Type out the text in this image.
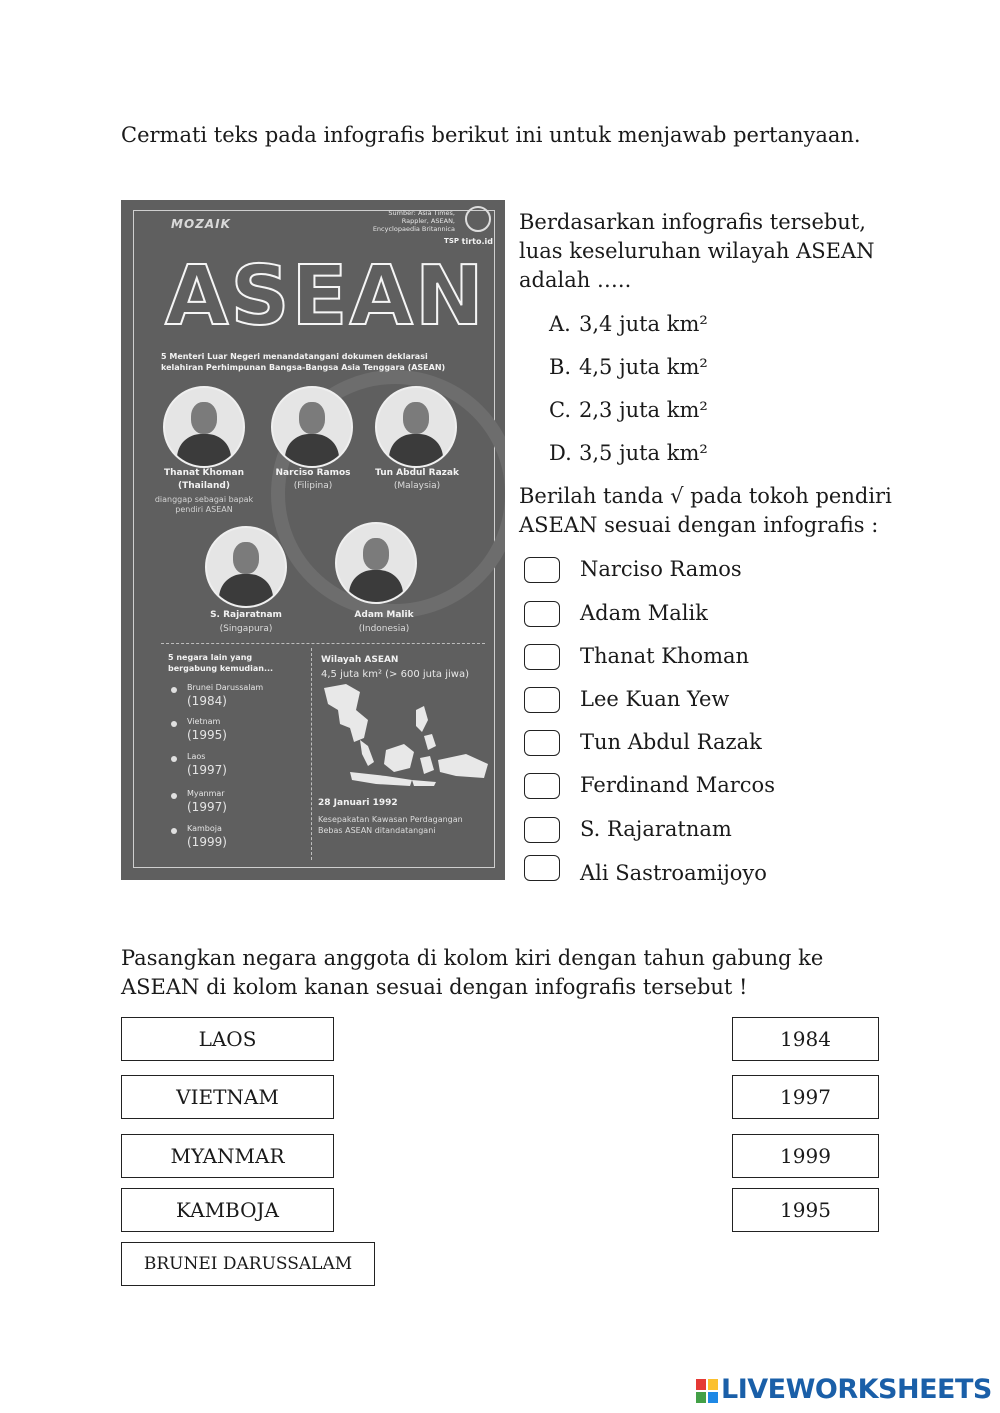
Cermati teks pada infografis berikut ini untuk menjawab pertanyaan.
MOZAIK
Sumber: Asia Times,
Rappler, ASEAN,
Encyclopaedia Britannica
TSP tirto.id
ASEAN
5 Menteri Luar Negeri menandatangani dokumen deklarasi kelahiran Perhimpunan Bangsa-Bangsa Asia Tenggara (ASEAN)
Thanat Khoman
(Thailand)
dianggap sebagai bapak pendiri ASEAN
Narciso Ramos
(Filipina)
Tun Abdul Razak
(Malaysia)
S. Rajaratnam
(Singapura)
Adam Malik
(Indonesia)
5 negara lain yang bergabung kemudian...
Brunei Darussalam
(1984)
Vietnam
(1995)
Laos
(1997)
Myanmar
(1997)
Kamboja
(1999)
Wilayah ASEAN
4,5 juta km² (> 600 juta jiwa)
28 Januari 1992
Kesepakatan Kawasan Perdagangan Bebas ASEAN ditandatangani
Berdasarkan infografis tersebut, luas keseluruhan wilayah ASEAN adalah …..
A. 3,4 juta km²
B. 4,5 juta km²
C. 2,3 juta km²
D. 3,5 juta km²
Berilah tanda √ pada tokoh pendiri ASEAN sesuai dengan infografis :
Narciso Ramos
Adam Malik
Thanat Khoman
Lee Kuan Yew
Tun Abdul Razak
Ferdinand Marcos
S. Rajaratnam
Ali Sastroamijoyo
Pasangkan negara anggota di kolom kiri dengan tahun gabung ke ASEAN di kolom kanan sesuai dengan infografis tersebut !
LAOS
VIETNAM
MYANMAR
KAMBOJA
BRUNEI DARUSSALAM
1984
1997
1999
1995
LIVEWORKSHEETS
